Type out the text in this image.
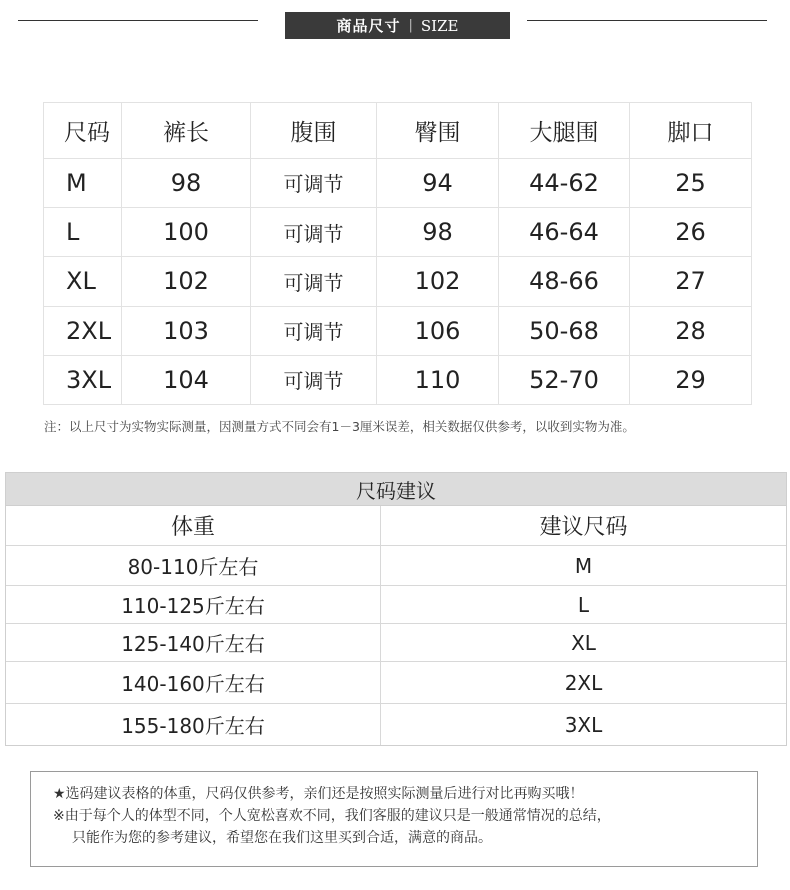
商品尺寸 | SIZE
尺码	裤长	腹围	臀围	大腿围	脚口
M	98	可调节	94	44-62	25
L	100	可调节	98	46-64	26
XL	102	可调节	102	48-66	27
2XL	103	可调节	106	50-68	28
3XL	104	可调节	110	52-70	29
注：以上尺寸为实物实际测量，因测量方式不同会有1－3厘米误差，相关数据仅供参考，以收到实物为准。
尺码建议
体重	建议尺码
80-110斤左右	M
110-125斤左右	L
125-140斤左右	XL
140-160斤左右	2XL
155-180斤左右	3XL
★选码建议表格的体重，尺码仅供参考，亲们还是按照实际测量后进行对比再购买哦！
※由于每个人的体型不同，个人宽松喜欢不同，我们客服的建议只是一般通常情况的总结，
只能作为您的参考建议，希望您在我们这里买到合适，满意的商品。
